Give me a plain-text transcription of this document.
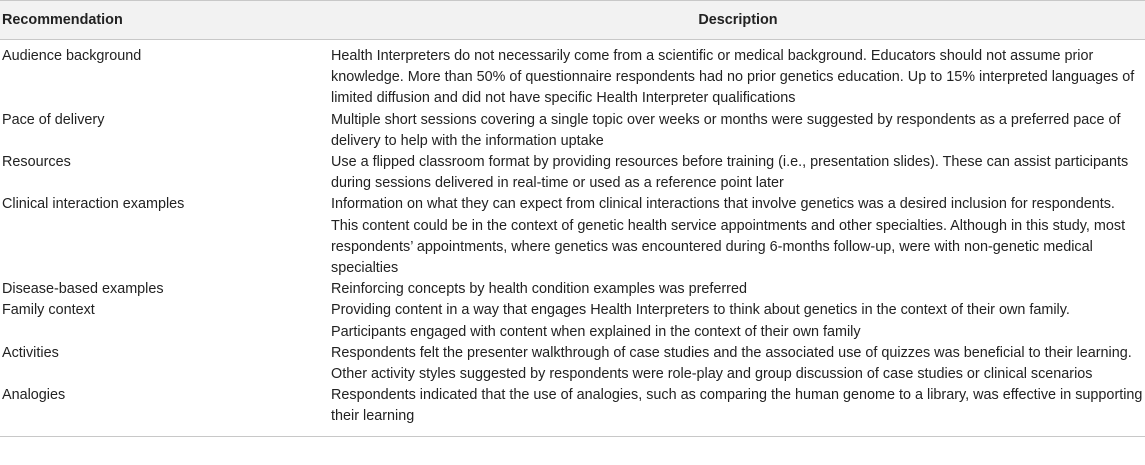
Recommendation	Description
Audience background	Health Interpreters do not necessarily come from a scientific or medical background. Educators should not assume prior knowledge. More than 50% of questionnaire respondents had no prior genetics education. Up to 15% interpreted languages of limited diffusion and did not have specific Health Interpreter qualifications
Pace of delivery	Multiple short sessions covering a single topic over weeks or months were suggested by respondents as a preferred pace of delivery to help with the information uptake
Resources	Use a flipped classroom format by providing resources before training (i.e., presentation slides). These can assist participants during sessions delivered in real-time or used as a reference point later
Clinical interaction examples	Information on what they can expect from clinical interactions that involve genetics was a desired inclusion for respondents. This content could be in the context of genetic health service appointments and other specialties. Although in this study, most respondents’ appointments, where genetics was encountered during 6-months follow-up, were with non-genetic medical specialties
Disease-based examples	Reinforcing concepts by health condition examples was preferred
Family context	Providing content in a way that engages Health Interpreters to think about genetics in the context of their own family. Participants engaged with content when explained in the context of their own family
Activities	Respondents felt the presenter walkthrough of case studies and the associated use of quizzes was beneficial to their learning. Other activity styles suggested by respondents were role-play and group discussion of case studies or clinical scenarios
Analogies	Respondents indicated that the use of analogies, such as comparing the human genome to a library, was effective in supporting their learning
